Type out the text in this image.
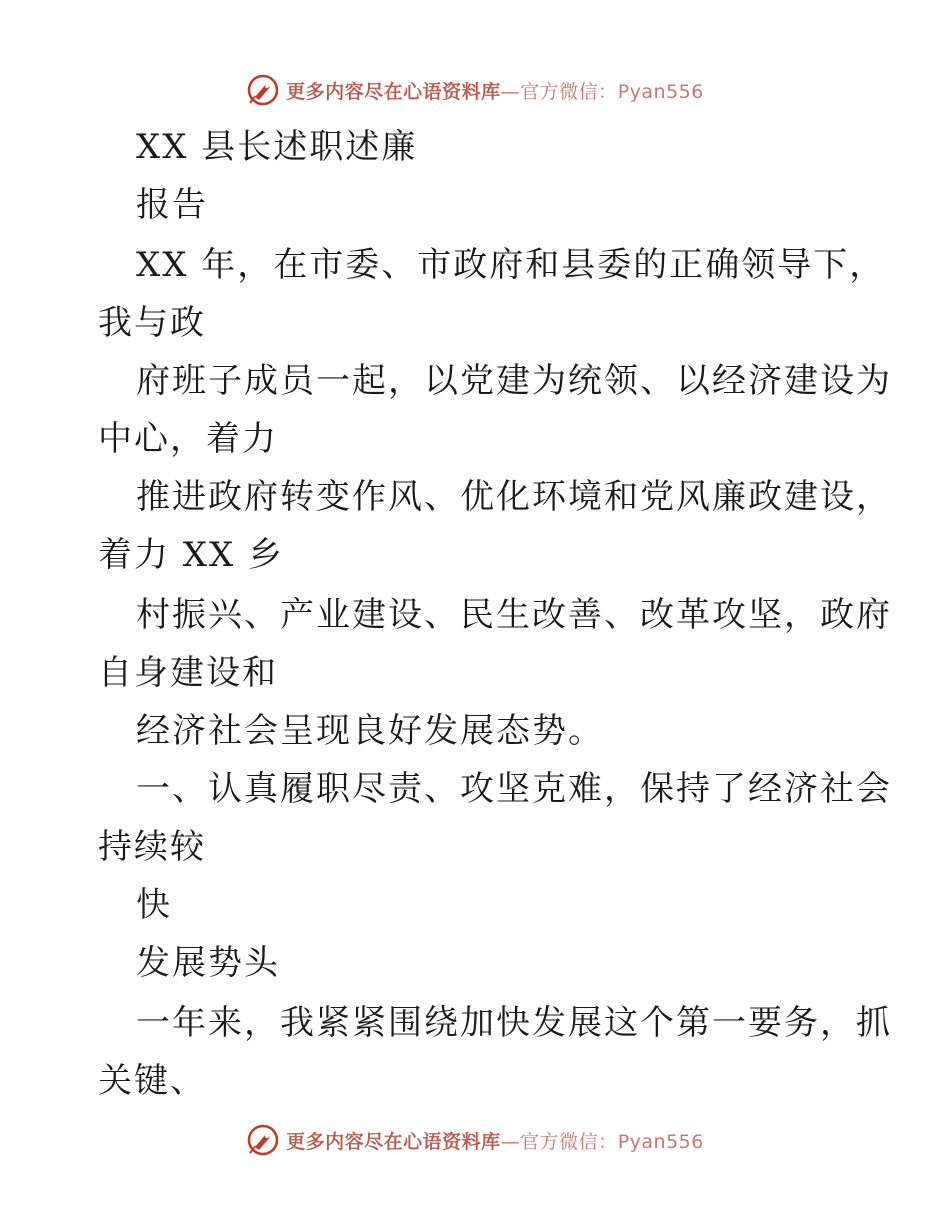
更多内容尽在心语资料库—官方微信：Pyan556
XX 县长述职述廉
报告
XX 年，在市委、市政府和县委的正确领导下，
我与政
府班子成员一起，以党建为统领、以经济建设为
中心，着力
推进政府转变作风、优化环境和党风廉政建设，
着力 XX 乡
村振兴、产业建设、民生改善、改革攻坚，政府
自身建设和
经济社会呈现良好发展态势。
一、认真履职尽责、攻坚克难，保持了经济社会
持续较
快
发展势头
一年来，我紧紧围绕加快发展这个第一要务，抓
关键、
更多内容尽在心语资料库—官方微信：Pyan556
